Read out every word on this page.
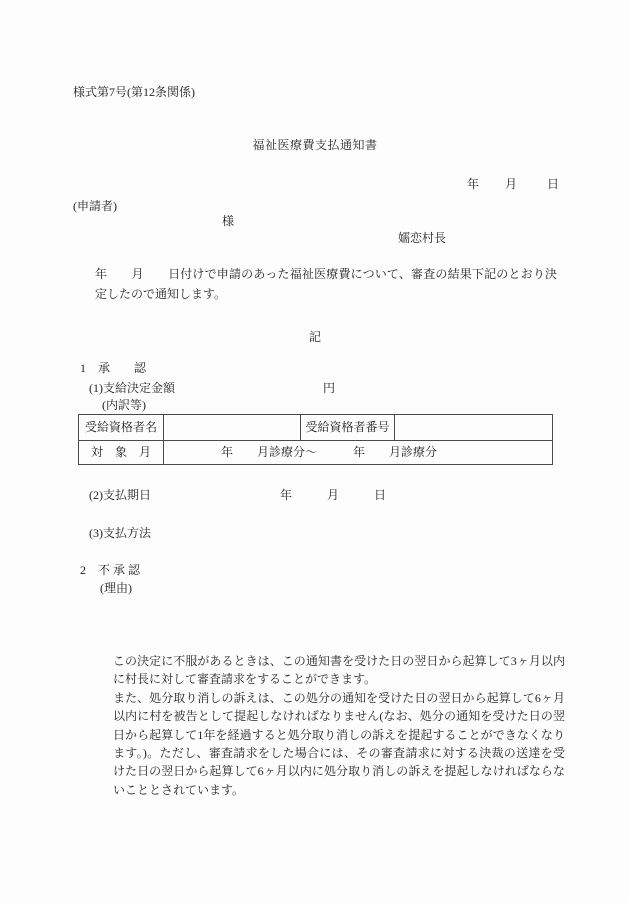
様式第7号(第12条関係)
福祉医療費支払通知書
年 月 日
(申請者)
様
嬬恋村長

年　　月　　日付けで申請のあった福祉医療費について、審査の結果下記のとおり決定したので通知します。

記
1　承　　認
(1)支給決定金額	円
(内訳等)
受給資格者名		受給資格者番号	
対　象　月	年　　月診療分～　　　年　　月診療分		
(2)支払期日	年	月	日
(3)支払方法
2　不 承 認
(理由)

この決定に不服があるときは、この通知書を受けた日の翌日から起算して3ヶ月以内に村長に対して審査請求をすることができます。

また、処分取り消しの訴えは、この処分の通知を受けた日の翌日から起算して6ヶ月以内に村を被告として提起しなければなりません(なお、処分の通知を受けた日の翌日から起算して1年を経過すると処分取り消しの訴えを提起することができなくなります。)。ただし、審査請求をした場合には、その審査請求に対する決裁の送達を受けた日の翌日から起算して6ヶ月以内に処分取り消しの訴えを提起しなければならないこととされています。
